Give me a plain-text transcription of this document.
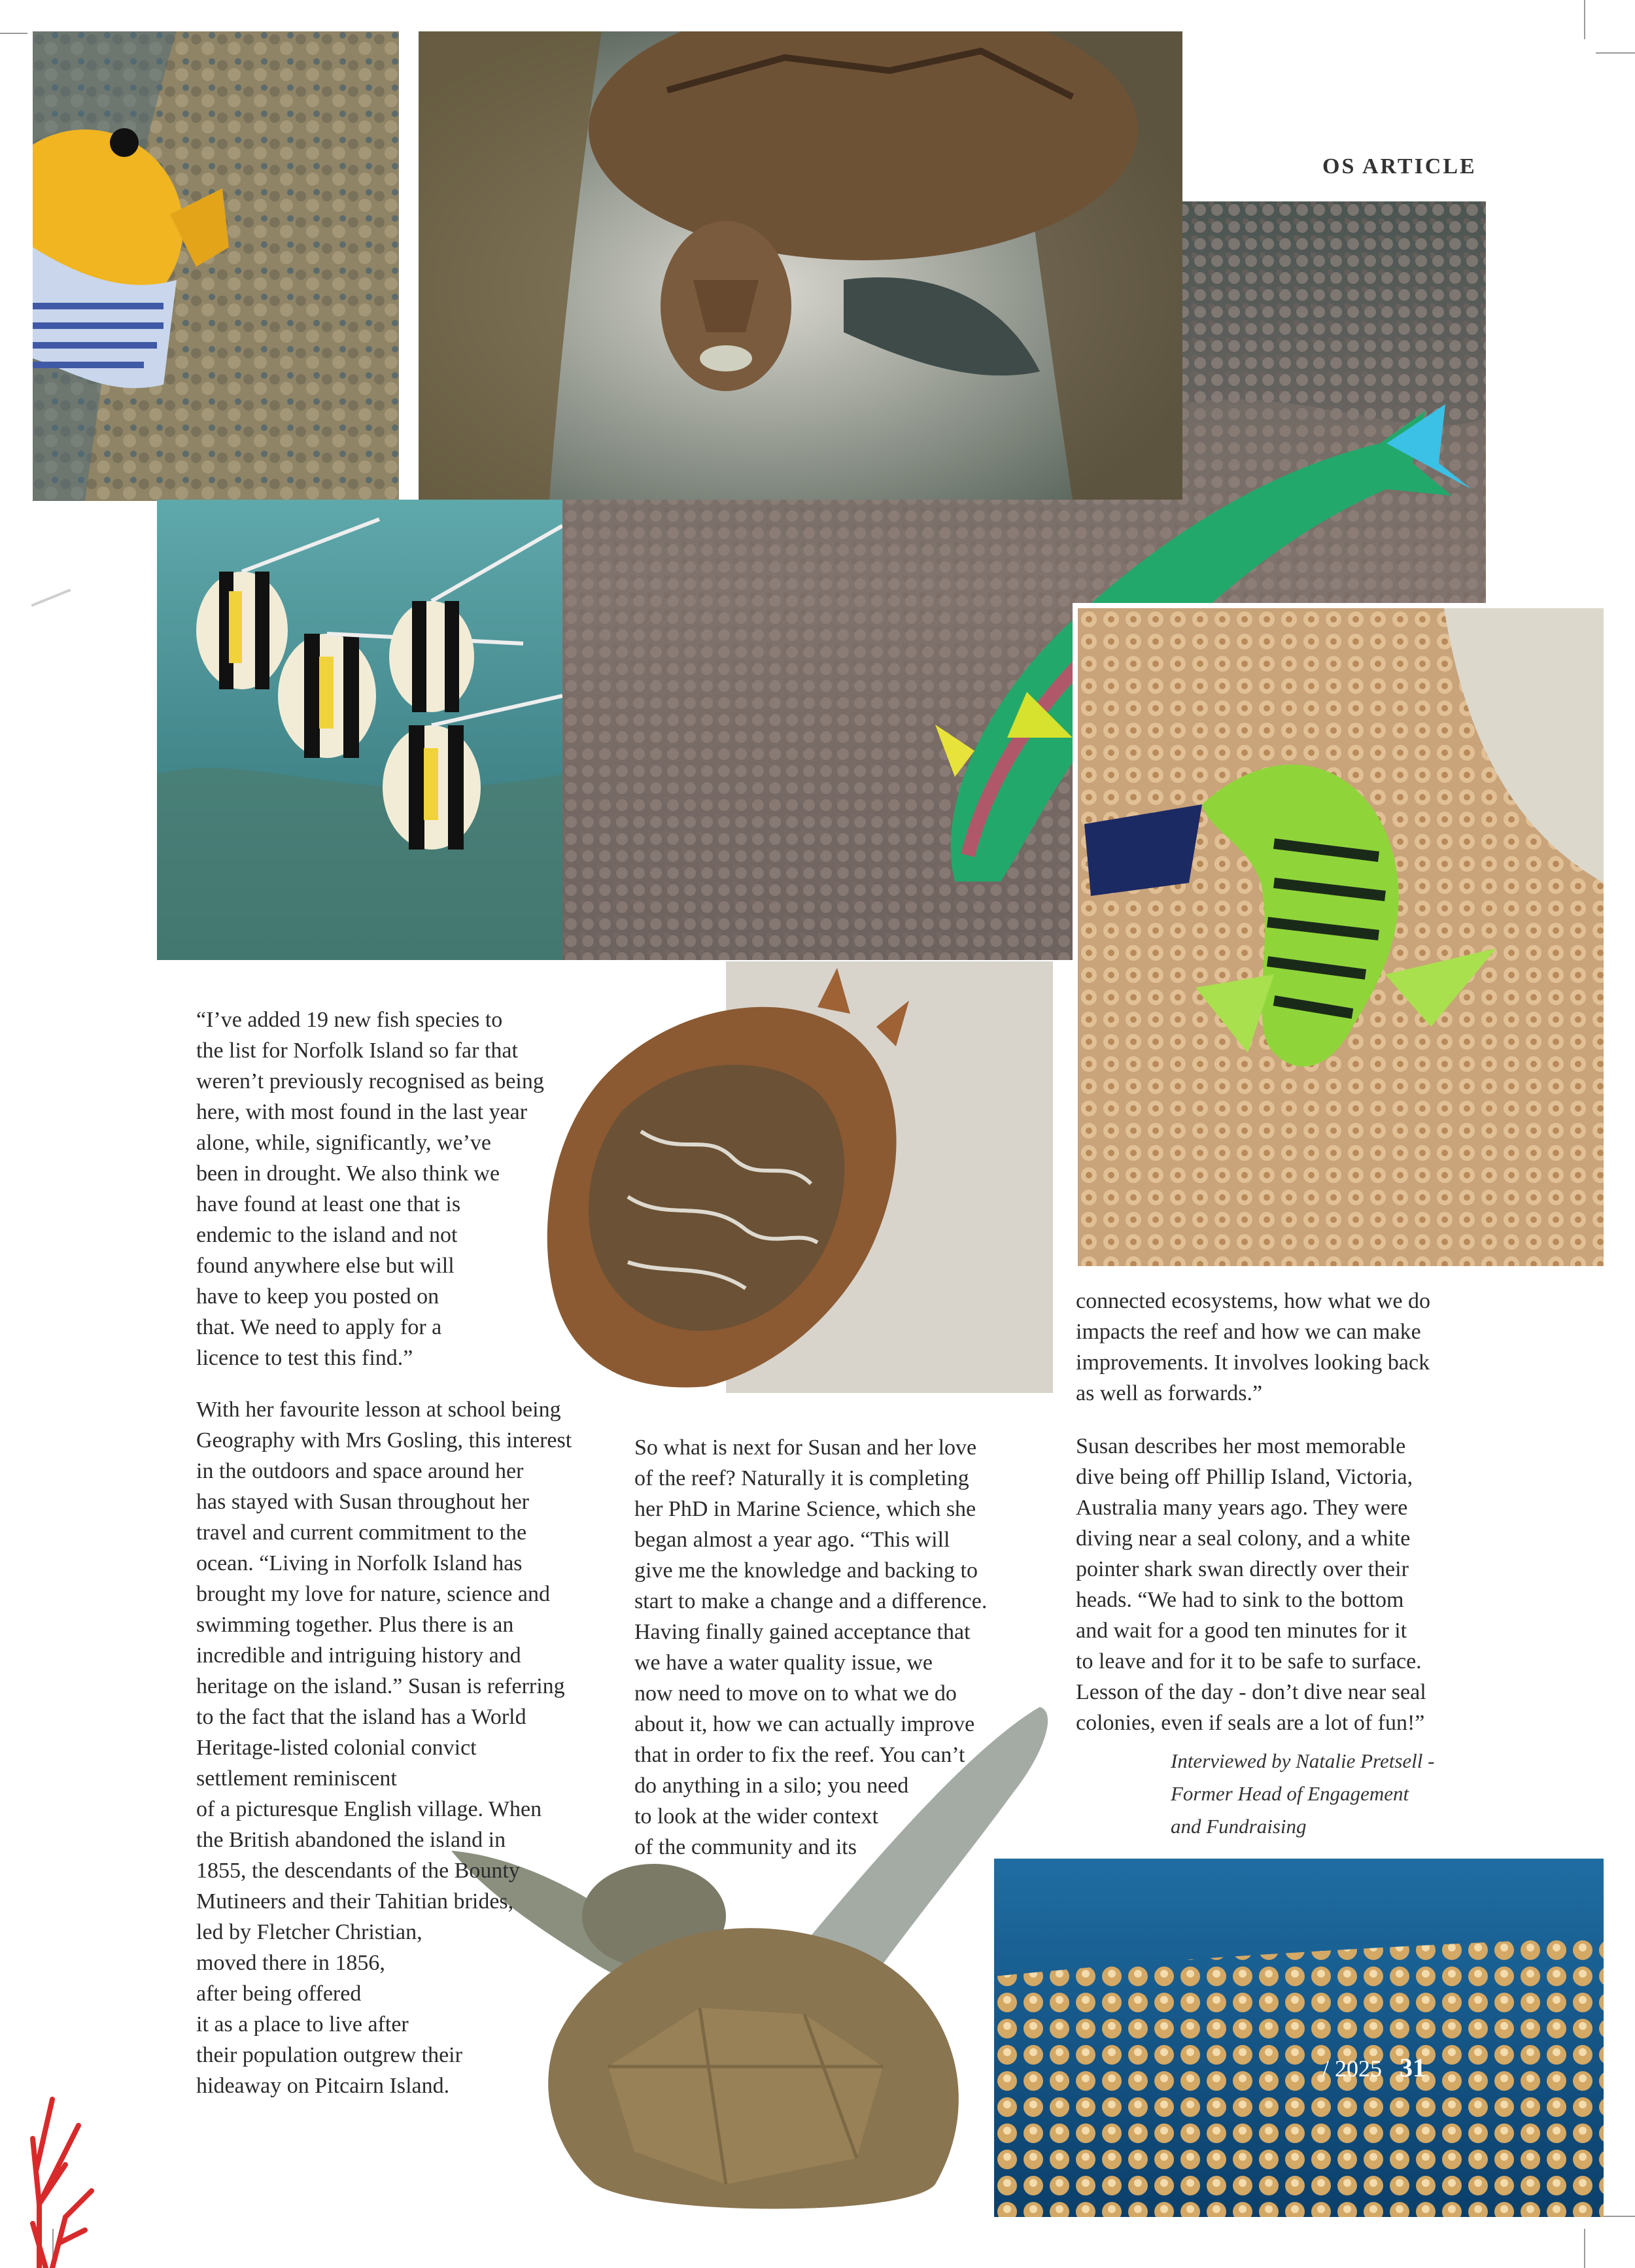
OS ARTICLE
“I’ve added 19 new fish species to
the list for Norfolk Island so far that
weren’t previously recognised as being
here, with most found in the last year
alone, while, significantly, we’ve
been in drought. We also think we
have found at least one that is
endemic to the island and not
found anywhere else but will
have to keep you posted on
that. We need to apply for a
licence to test this find.”
With her favourite lesson at school being
Geography with Mrs Gosling, this interest
in the outdoors and space around her
has stayed with Susan throughout her
travel and current commitment to the
ocean. “Living in Norfolk Island has
brought my love for nature, science and
swimming together. Plus there is an
incredible and intriguing history and
heritage on the island.” Susan is referring
to the fact that the island has a World
Heritage-listed colonial convict
settlement reminiscent
of a picturesque English village. When
the British abandoned the island in
1855, the descendants of the Bounty
Mutineers and their Tahitian brides,
led by Fletcher Christian,
moved there in 1856,
after being offered
it as a place to live after
their population outgrew their
hideaway on Pitcairn Island.
So what is next for Susan and her love
of the reef? Naturally it is completing
her PhD in Marine Science, which she
began almost a year ago. “This will
give me the knowledge and backing to
start to make a change and a difference.
Having finally gained acceptance that
we have a water quality issue, we
now need to move on to what we do
about it, how we can actually improve
that in order to fix the reef. You can’t
do anything in a silo; you need
to look at the wider context
of the community and its
connected ecosystems, how what we do
impacts the reef and how we can make
improvements. It involves looking back
as well as forwards.”
Susan describes her most memorable
dive being off Phillip Island, Victoria,
Australia many years ago. They were
diving near a seal colony, and a white
pointer shark swan directly over their
heads. “We had to sink to the bottom
and wait for a good ten minutes for it
to leave and for it to be safe to surface.
Lesson of the day - don’t dive near seal
colonies, even if seals are a lot of fun!”
Interviewed by Natalie Pretsell -
Former Head of Engagement
and Fundraising
/ 2025 31
